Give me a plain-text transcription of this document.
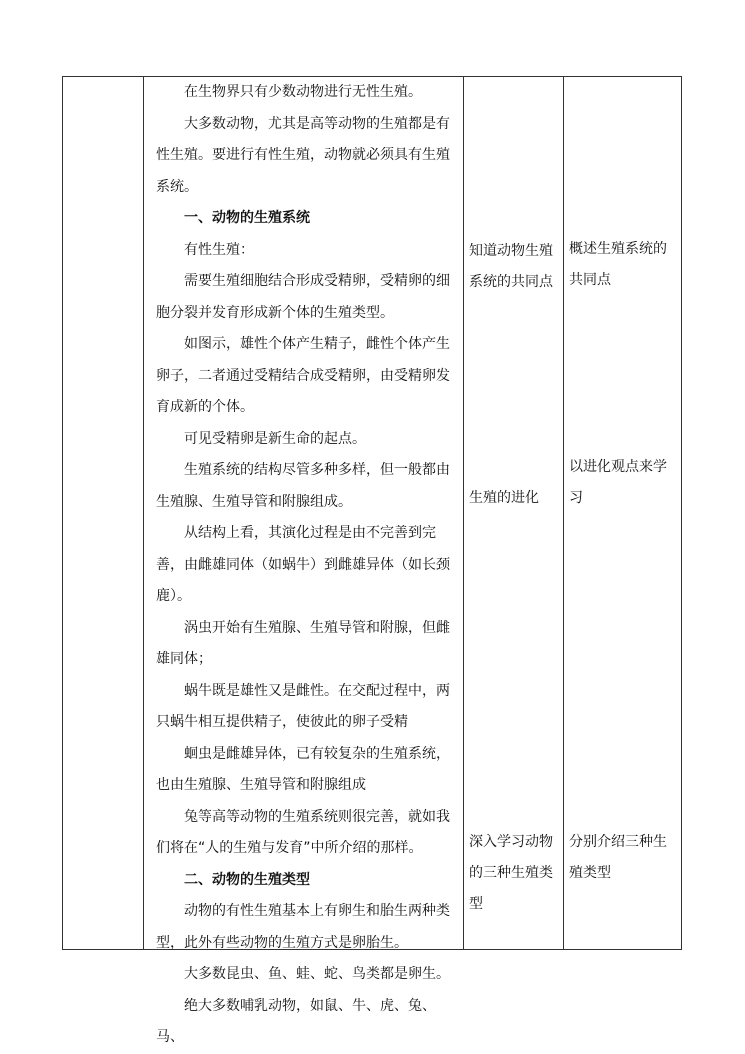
在生物界只有少数动物进行无性生殖。

大多数动物，尤其是高等动物的生殖都是有性生殖。要进行有性生殖，动物就必须具有生殖系统。

一、动物的生殖系统

有性生殖：

需要生殖细胞结合形成受精卵，受精卵的细胞分裂并发育形成新个体的生殖类型。

如图示，雄性个体产生精子，雌性个体产生卵子，二者通过受精结合成受精卵，由受精卵发育成新的个体。

可见受精卵是新生命的起点。

生殖系统的结构尽管多种多样，但一般都由生殖腺、生殖导管和附腺组成。

从结构上看，其演化过程是由不完善到完善，由雌雄同体（如蜗牛）到雌雄异体（如长颈鹿）。

涡虫开始有生殖腺、生殖导管和附腺，但雌雄同体；

蜗牛既是雄性又是雌性。在交配过程中，两只蜗牛相互提供精子，使彼此的卵子受精

蛔虫是雌雄异体，已有较复杂的生殖系统，也由生殖腺、生殖导管和附腺组成

兔等高等动物的生殖系统则很完善，就如我们将在“人的生殖与发育”中所介绍的那样。

二、动物的生殖类型

动物的有性生殖基本上有卵生和胎生两种类型，此外有些动物的生殖方式是卵胎生。

大多数昆虫、鱼、蛙、蛇、鸟类都是卵生。

绝大多数哺乳动物，如鼠、牛、虎、兔、马、

知道动物生殖系统的共同点
生殖的进化
深入学习动物的三种生殖类型
概述生殖系统的共同点
以进化观点来学习
分别介绍三种生殖类型
